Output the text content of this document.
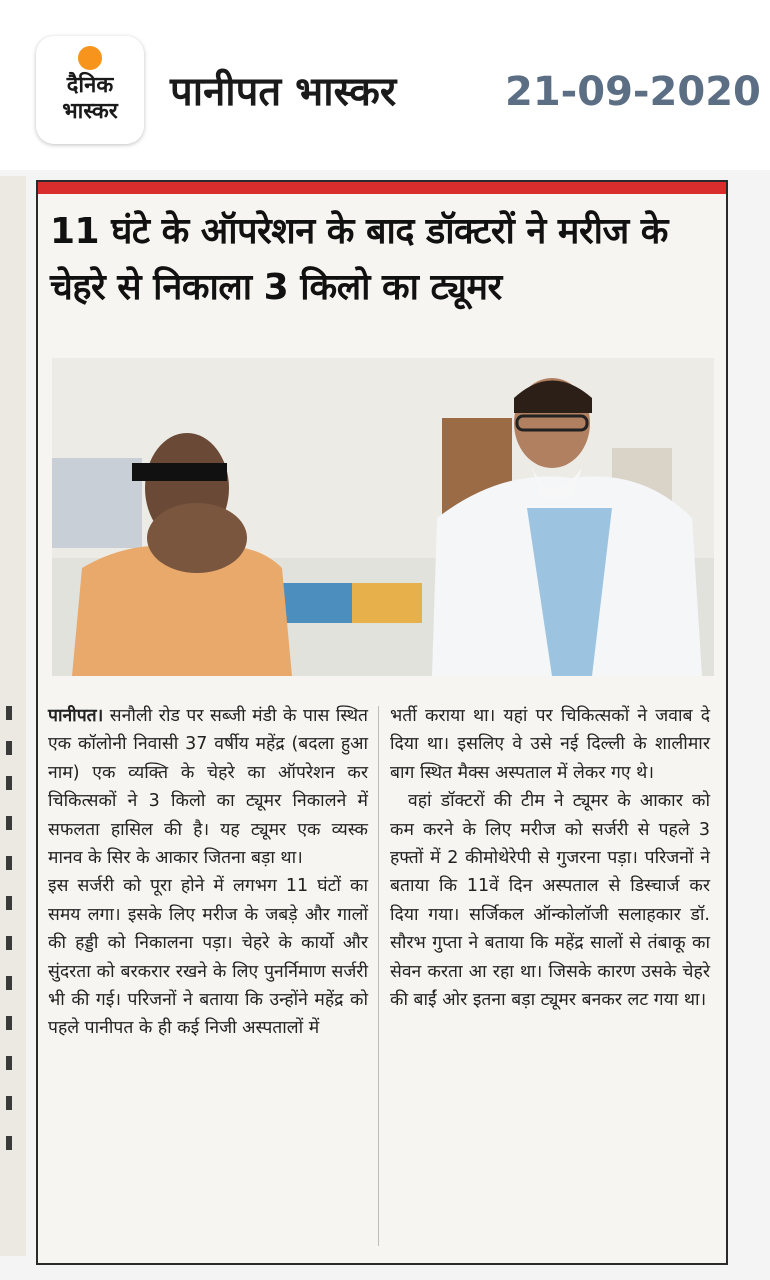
दैनिक
भास्कर	पानीपत भास्कर	21-09-2020
11 घंटे के ऑपरेशन के बाद डॉक्टरों ने मरीज के चेहरे से निकाला 3 किलो का ट्यूमर

पानीपत। सनौली रोड पर सब्जी मंडी के पास स्थित एक कॉलोनी निवासी 37 वर्षीय महेंद्र (बदला हुआ नाम) एक व्यक्ति के चेहरे का ऑपरेशन कर चिकित्सकों ने 3 किलो का ट्यूमर निकालने में सफलता हासिल की है। यह ट्यूमर एक व्यस्क मानव के सिर के आकार जितना बड़ा था।

इस सर्जरी को पूरा होने में लगभग 11 घंटों का समय लगा। इसके लिए मरीज के जबड़े और गालों की हड्डी को निकालना पड़ा। चेहरे के कार्यो और सुंदरता को बरकरार रखने के लिए पुनर्निमाण सर्जरी भी की गई। परिजनों ने बताया कि उन्होंने महेंद्र को पहले पानीपत के ही कई निजी अस्पतालों में

भर्ती कराया था। यहां पर चिकित्सकों ने जवाब दे दिया था। इसलिए वे उसे नई दिल्ली के शालीमार बाग स्थित मैक्स अस्पताल में लेकर गए थे।

वहां डॉक्टरों की टीम ने ट्यूमर के आकार को कम करने के लिए मरीज को सर्जरी से पहले 3 हफ्तों में 2 कीमोथेरेपी से गुजरना पड़ा। परिजनों ने बताया कि 11वें दिन अस्पताल से डिस्चार्ज कर दिया गया। सर्जिकल ऑन्कोलॉजी सलाहकार डॉ. सौरभ गुप्ता ने बताया कि महेंद्र सालों से तंबाकू का सेवन करता आ रहा था। जिसके कारण उसके चेहरे की बाईं ओर इतना बड़ा ट्यूमर बनकर लट गया था।
